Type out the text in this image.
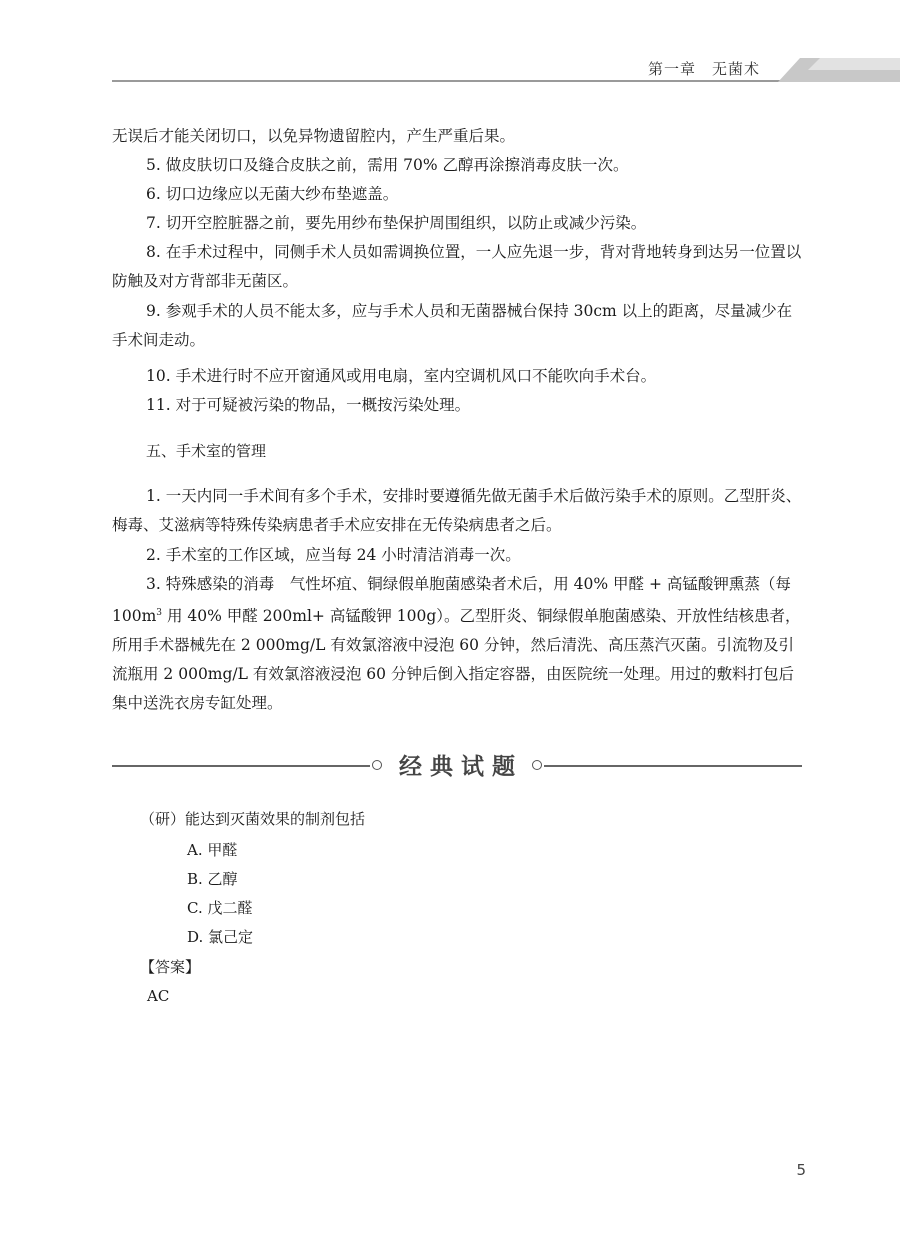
第一章　无菌术

无误后才能关闭切口，以免异物遗留腔内，产生严重后果。

5. 做皮肤切口及缝合皮肤之前，需用 70% 乙醇再涂擦消毒皮肤一次。

6. 切口边缘应以无菌大纱布垫遮盖。

7. 切开空腔脏器之前，要先用纱布垫保护周围组织，以防止或减少污染。

8. 在手术过程中，同侧手术人员如需调换位置，一人应先退一步，背对背地转身到达另一位置以防触及对方背部非无菌区。

9. 参观手术的人员不能太多，应与手术人员和无菌器械台保持 30cm 以上的距离，尽量减少在手术间走动。

10. 手术进行时不应开窗通风或用电扇，室内空调机风口不能吹向手术台。

11. 对于可疑被污染的物品，一概按污染处理。

五、手术室的管理

1. 一天内同一手术间有多个手术，安排时要遵循先做无菌手术后做污染手术的原则。乙型肝炎、梅毒、艾滋病等特殊传染病患者手术应安排在无传染病患者之后。

2. 手术室的工作区域，应当每 24 小时清洁消毒一次。

3. 特殊感染的消毒　气性坏疽、铜绿假单胞菌感染者术后，用 40% 甲醛 + 高锰酸钾熏蒸（每 $100m^3$ 用 40% 甲醛 200ml+ 高锰酸钾 100g）。乙型肝炎、铜绿假单胞菌感染、开放性结核患者，所用手术器械先在 2 000mg/L 有效氯溶液中浸泡 60 分钟，然后清洗、高压蒸汽灭菌。引流物及引流瓶用 2 000mg/L 有效氯溶液浸泡 60 分钟后倒入指定容器，由医院统一处理。用过的敷料打包后集中送洗衣房专缸处理。

经典试题
（研）能达到灭菌效果的制剂包括
A. 甲醛
B. 乙醇
C. 戊二醛
D. 氯己定
【答案】
AC
5
